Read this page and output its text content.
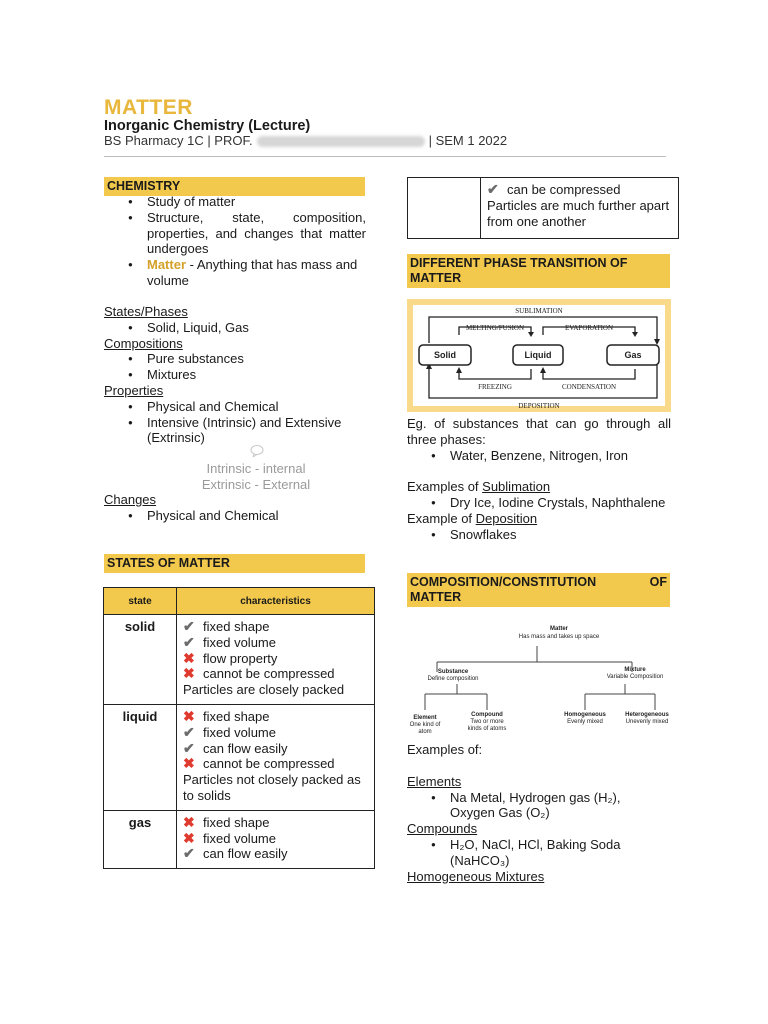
MATTER
Inorganic Chemistry (Lecture)
BS Pharmacy 1C | PROF.	| SEM 1 2022
CHEMISTRY
● Study of matter
● Structure, state, composition, properties, and changes that matter undergoes
● Matter - Anything that has mass and volume
States/Phases
● Solid, Liquid, Gas
Compositions
● Pure substances
● Mixtures
Properties
● Physical and Chemical
● Intensive (Intrinsic) and Extensive (Extrinsic)
Intrinsic - internal
Extrinsic - External
Changes
● Physical and Chemical
STATES OF MATTER
state	characteristics
solid	✔ fixed shape
✔ fixed volume
✖ flow property
✖ cannot be compressed
Particles are closely packed

liquid	✖ fixed shape
✔ fixed volume
✔ can flow easily
✖ cannot be compressed
Particles not closely packed as to solids

gas	✖ fixed shape
✖ fixed volume
✔ can flow easily

✔ can be compressed
Particles are much further apart from one another
DIFFERENT PHASE TRANSITION OF MATTER
SUBLIMATION
MELTING/FUSION	EVAPORATION
FREEZING	CONDENSATION
DEPOSITION
Solid	Liquid	Gas
Eg. of substances that can go through all three phases:
● Water, Benzene, Nitrogen, Iron
Examples of Sublimation
● Dry Ice, Iodine Crystals, Naphthalene
Example of Deposition
● Snowflakes
COMPOSITION/CONSTITUTION OF MATTER
Matter
Has mass and takes up space
Substance
Define composition
Mixture
Variable Composition
Element
One kind of
atom
Compound
Two or more
kinds of atoms
Homogeneous
Evenly mixed
Heterogeneous
Unevenly mixed
Examples of:
Elements
● Na Metal, Hydrogen gas (H₂), Oxygen Gas (O₂)
Compounds
● H₂O, NaCl, HCl, Baking Soda (NaHCO₃)
Homogeneous Mixtures
